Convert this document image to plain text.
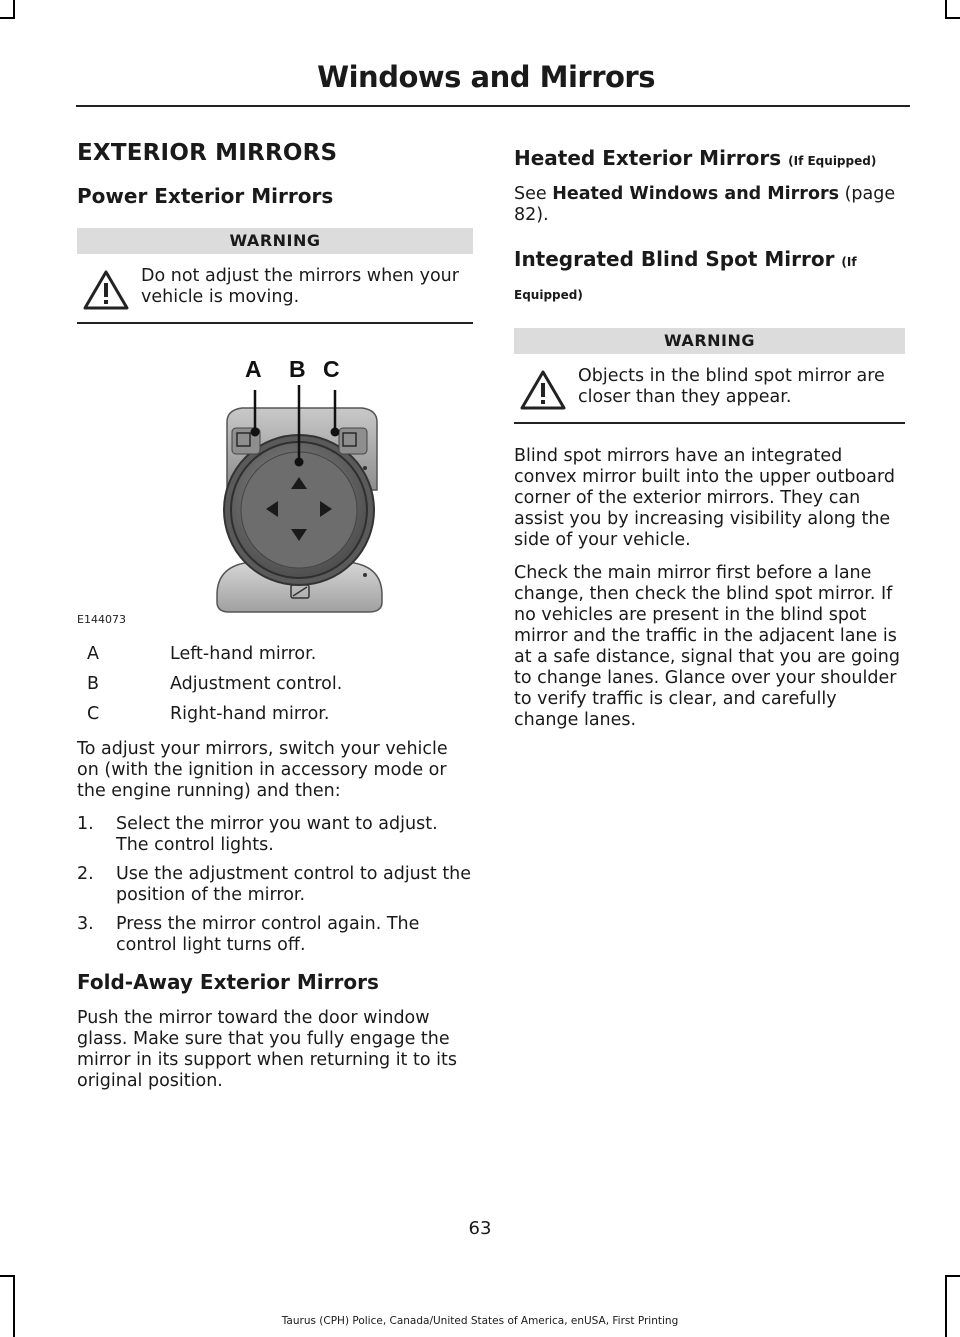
Windows and Mirrors
EXTERIOR MIRRORS
Power Exterior Mirrors
WARNING
Do not adjust the mirrors when your vehicle is moving.
A B C
E144073
A	Left-hand mirror.
B	Adjustment control.
C	Right-hand mirror.

To adjust your mirrors, switch your vehicle on (with the ignition in accessory mode or the engine running) and then:

1.	Select the mirror you want to adjust. The control lights.
2.	Use the adjustment control to adjust the position of the mirror.
3.	Press the mirror control again. The control light turns off.
Fold-Away Exterior Mirrors

Push the mirror toward the door window glass. Make sure that you fully engage the mirror in its support when returning it to its original position.

Heated Exterior Mirrors (If Equipped)

See Heated Windows and Mirrors (page 82).

Integrated Blind Spot Mirror (If Equipped)
WARNING
Objects in the blind spot mirror are closer than they appear.

Blind spot mirrors have an integrated convex mirror built into the upper outboard corner of the exterior mirrors. They can assist you by increasing visibility along the side of your vehicle.

Check the main mirror first before a lane change, then check the blind spot mirror. If no vehicles are present in the blind spot mirror and the traffic in the adjacent lane is at a safe distance, signal that you are going to change lanes. Glance over your shoulder to verify traffic is clear, and carefully change lanes.

63
Taurus (CPH) Police, Canada/United States of America, enUSA, First Printing
